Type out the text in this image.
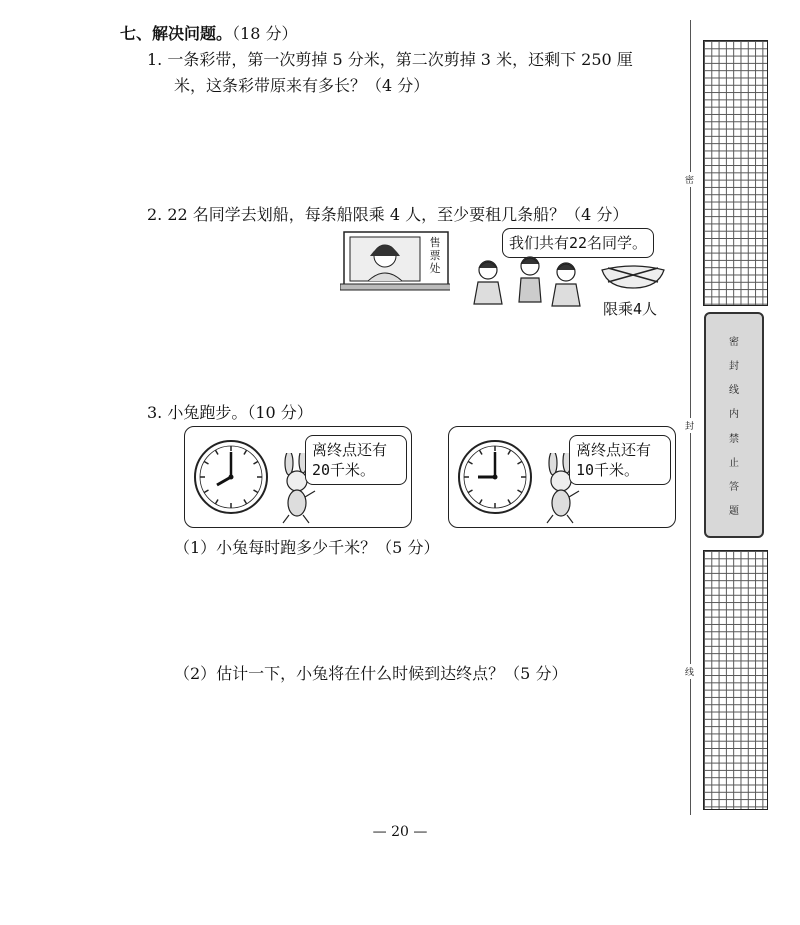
七、解决问题。（18 分）
1. 一条彩带，第一次剪掉 5 分米，第二次剪掉 3 米，还剩下 250 厘
米，这条彩带原来有多长？（4 分）
2. 22 名同学去划船，每条船限乘 4 人，至少要租几条船？（4 分）
售
票
处
我们共有22名同学。
限乘4人
3. 小兔跑步。（10 分）
离终点还有
20千米。
离终点还有
10千米。
（1）小兔每时跑多少千米？（5 分）
（2）估计一下，小兔将在什么时候到达终点？（5 分）
密
封
线
密
封
线
内
禁
止
答
题
— 20 —
